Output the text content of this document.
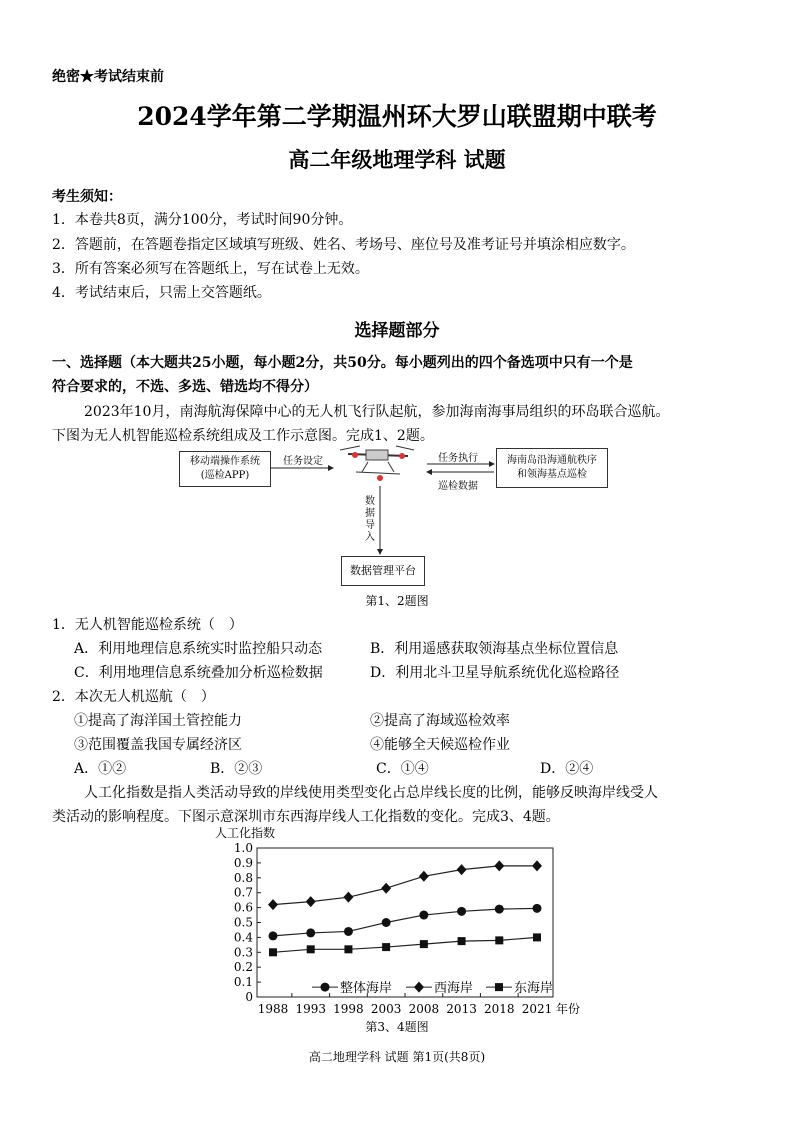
绝密★考试结束前
2024学年第二学期温州环大罗山联盟期中联考
高二年级地理学科 试题
考生须知：
1．本卷共8页，满分100分，考试时间90分钟。
2．答题前，在答题卷指定区域填写班级、姓名、考场号、座位号及准考证号并填涂相应数字。
3．所有答案必须写在答题纸上，写在试卷上无效。
4．考试结束后，只需上交答题纸。
选择题部分
一、选择题（本大题共25小题，每小题2分，共50分。每小题列出的四个备选项中只有一个是
符合要求的，不选、多选、错选均不得分）
2023年10月，南海航海保障中心的无人机飞行队起航，参加海南海事局组织的环岛联合巡航。
下图为无人机智能巡检系统组成及工作示意图。完成1、2题。
移动端操作系统
(巡检APP)
海南岛沿海通航秩序
和领海基点巡检
数据管理平台
任务设定	任务执行
巡检数据
数
据
导
入
第1、2题图
1．无人机智能巡检系统（　）
A．利用地理信息系统实时监控船只动态	B．利用遥感获取领海基点坐标位置信息
C．利用地理信息系统叠加分析巡检数据	D．利用北斗卫星导航系统优化巡检路径
2．本次无人机巡航（　）
①提高了海洋国土管控能力	②提高了海域巡检效率
③范围覆盖我国专属经济区	④能够全天候巡检作业
A．①②	B．②③	C．①④	D．②④
人工化指数是指人类活动导致的岸线使用类型变化占总岸线长度的比例，能够反映海岸线受人
类活动的影响程度。下图示意深圳市东西海岸线人工化指数的变化。完成3、4题。
人工化指数
0
0.1
0.2
0.3
0.4
0.5
0.6
0.7
0.8
0.9
1.0
1988 1993 1998 2003 2008 2013 2018 2021 年份
整体海岸	西海岸	东海岸
第3、4题图
高二地理学科 试题 第1页(共8页)
